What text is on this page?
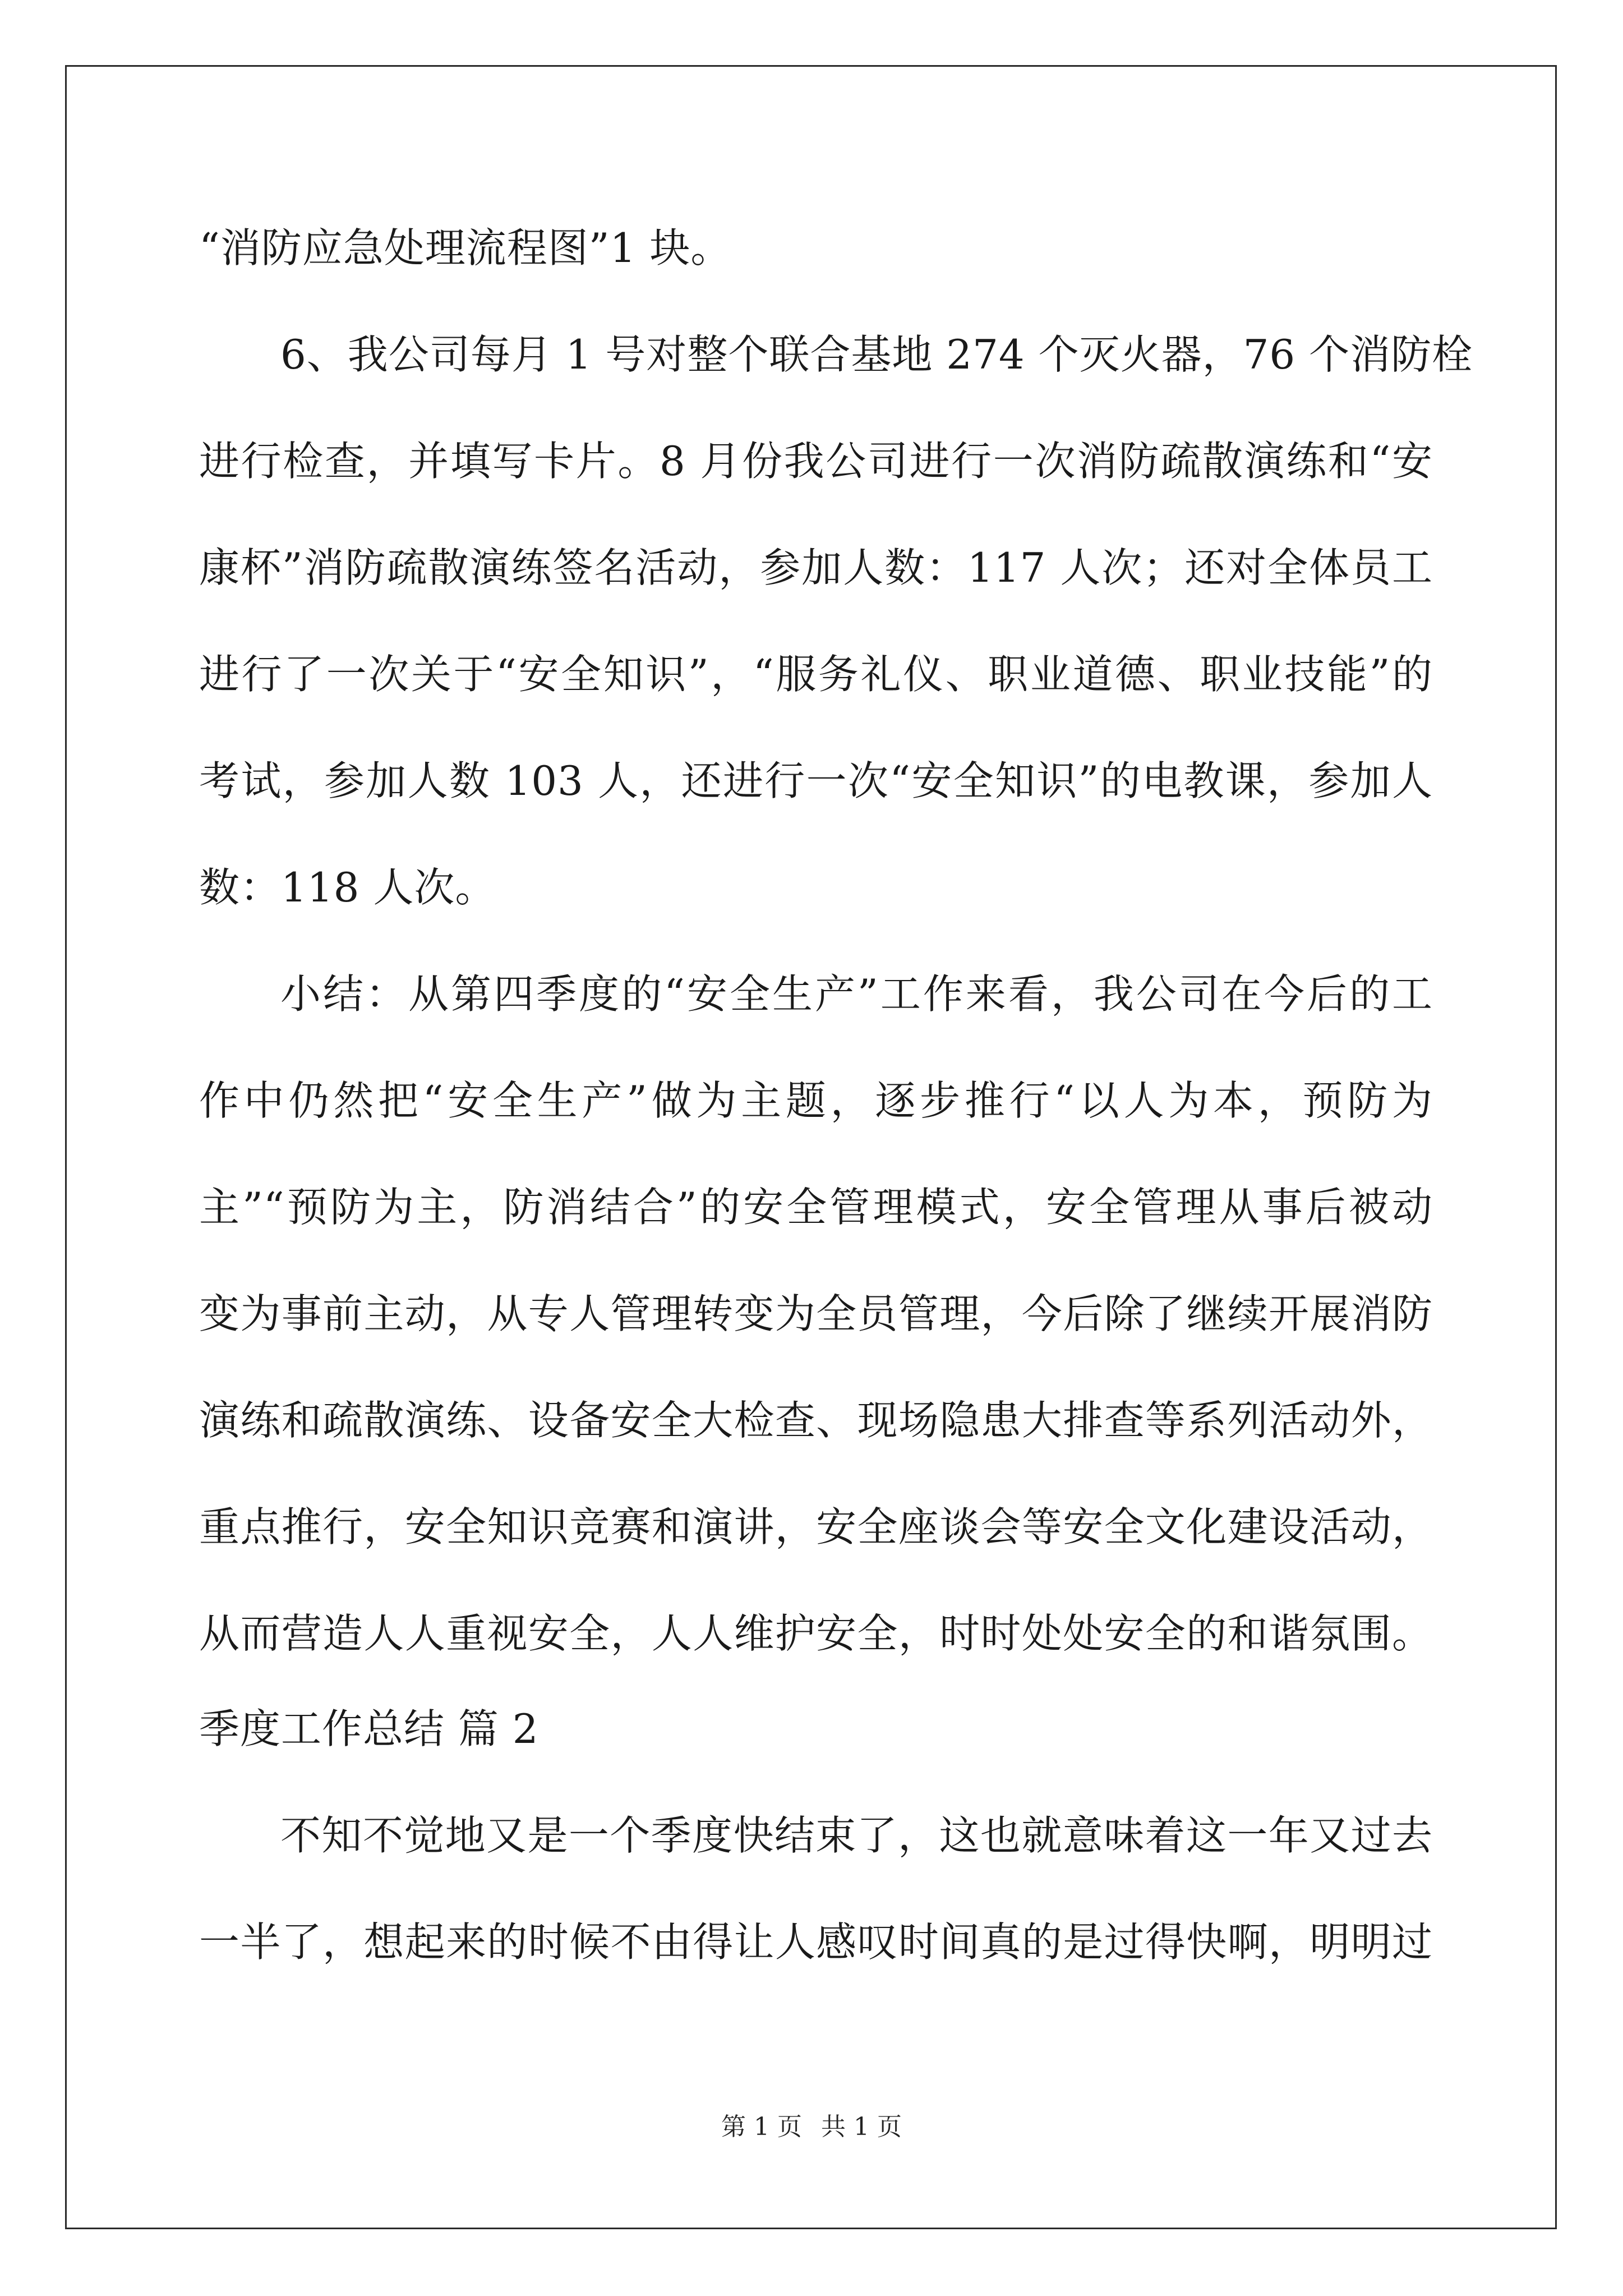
“消防应急处理流程图”1 块。
6、我公司每月 1 号对整个联合基地 274 个灭火器，76 个消防栓
进行检查，并填写卡片。8 月份我公司进行一次消防疏散演练和“安
康杯”消防疏散演练签名活动，参加人数：117 人次；还对全体员工
进行了一次关于“安全知识”，“服务礼仪、职业道德、职业技能”的
考试，参加人数 103 人，还进行一次“安全知识”的电教课，参加人
数：118 人次。
小结：从第四季度的“安全生产”工作来看，我公司在今后的工
作中仍然把“安全生产”做为主题，逐步推行“以人为本，预防为
主”“预防为主，防消结合”的安全管理模式，安全管理从事后被动
变为事前主动，从专人管理转变为全员管理，今后除了继续开展消防
演练和疏散演练、设备安全大检查、现场隐患大排查等系列活动外，
重点推行，安全知识竞赛和演讲，安全座谈会等安全文化建设活动，
从而营造人人重视安全，人人维护安全，时时处处安全的和谐氛围。
季度工作总结 篇 2
不知不觉地又是一个季度快结束了，这也就意味着这一年又过去
一半了，想起来的时候不由得让人感叹时间真的是过得快啊，明明过
第 1 页 共 1 页
